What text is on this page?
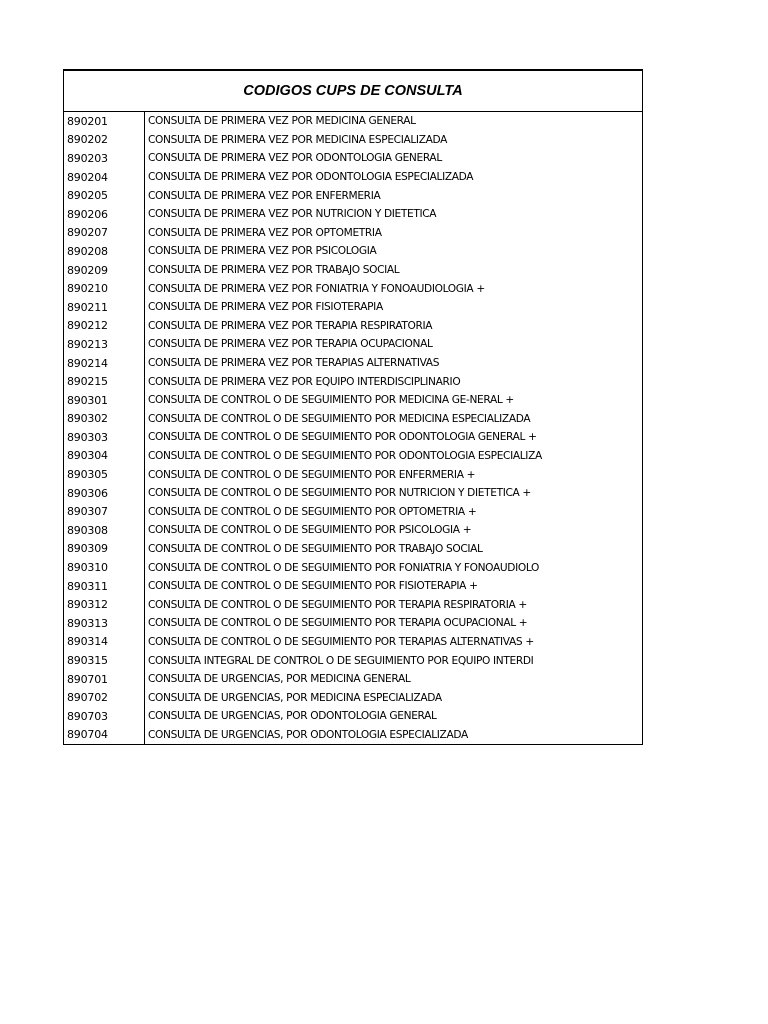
CODIGOS CUPS DE CONSULTA
890201	CONSULTA DE PRIMERA VEZ POR MEDICINA GENERAL
890202	CONSULTA DE PRIMERA VEZ POR MEDICINA ESPECIALIZADA
890203	CONSULTA DE PRIMERA VEZ POR ODONTOLOGIA GENERAL
890204	CONSULTA DE PRIMERA VEZ POR ODONTOLOGIA ESPECIALIZADA
890205	CONSULTA DE PRIMERA VEZ POR ENFERMERIA
890206	CONSULTA DE PRIMERA VEZ POR NUTRICION Y DIETETICA
890207	CONSULTA DE PRIMERA VEZ POR OPTOMETRIA
890208	CONSULTA DE PRIMERA VEZ POR PSICOLOGIA
890209	CONSULTA DE PRIMERA VEZ POR TRABAJO SOCIAL
890210	CONSULTA DE PRIMERA VEZ POR FONIATRIA Y FONOAUDIOLOGIA +
890211	CONSULTA DE PRIMERA VEZ POR FISIOTERAPIA
890212	CONSULTA DE PRIMERA VEZ POR TERAPIA RESPIRATORIA
890213	CONSULTA DE PRIMERA VEZ POR TERAPIA OCUPACIONAL
890214	CONSULTA DE PRIMERA VEZ POR TERAPIAS ALTERNATIVAS
890215	CONSULTA DE PRIMERA VEZ POR EQUIPO INTERDISCIPLINARIO
890301	CONSULTA DE CONTROL O DE SEGUIMIENTO POR MEDICINA GE-NERAL +
890302	CONSULTA DE CONTROL O DE SEGUIMIENTO POR MEDICINA ESPECIALIZADA
890303	CONSULTA DE CONTROL O DE SEGUIMIENTO POR ODONTOLOGIA GENERAL +
890304	CONSULTA DE CONTROL O DE SEGUIMIENTO POR ODONTOLOGIA ESPECIALIZA
890305	CONSULTA DE CONTROL O DE SEGUIMIENTO POR ENFERMERIA +
890306	CONSULTA DE CONTROL O DE SEGUIMIENTO POR NUTRICION Y DIETETICA +
890307	CONSULTA DE CONTROL O DE SEGUIMIENTO POR OPTOMETRIA +
890308	CONSULTA DE CONTROL O DE SEGUIMIENTO POR PSICOLOGIA +
890309	CONSULTA DE CONTROL O DE SEGUIMIENTO POR TRABAJO SOCIAL
890310	CONSULTA DE CONTROL O DE SEGUIMIENTO POR FONIATRIA Y FONOAUDIOLO
890311	CONSULTA DE CONTROL O DE SEGUIMIENTO POR FISIOTERAPIA +
890312	CONSULTA DE CONTROL O DE SEGUIMIENTO POR TERAPIA RESPIRATORIA +
890313	CONSULTA DE CONTROL O DE SEGUIMIENTO POR TERAPIA OCUPACIONAL +
890314	CONSULTA DE CONTROL O DE SEGUIMIENTO POR TERAPIAS ALTERNATIVAS +
890315	CONSULTA INTEGRAL DE CONTROL O DE SEGUIMIENTO POR EQUIPO INTERDI
890701	CONSULTA DE URGENCIAS, POR MEDICINA GENERAL
890702	CONSULTA DE URGENCIAS, POR MEDICINA ESPECIALIZADA
890703	CONSULTA DE URGENCIAS, POR ODONTOLOGIA GENERAL
890704	CONSULTA DE URGENCIAS, POR ODONTOLOGIA ESPECIALIZADA
